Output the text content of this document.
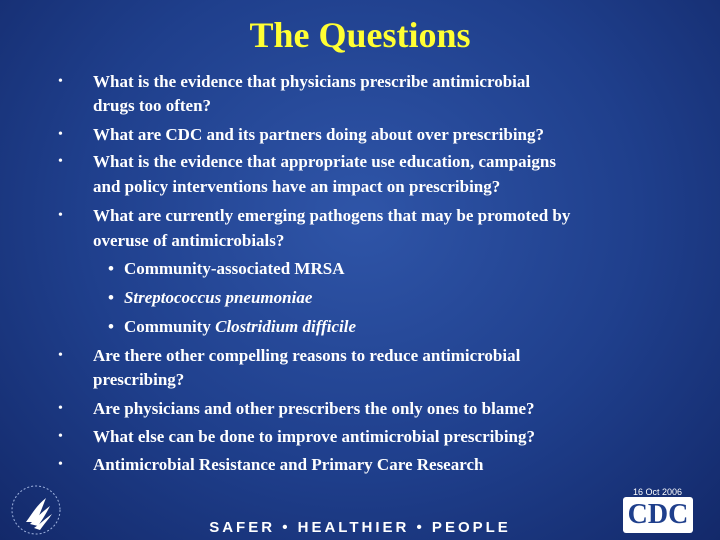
The Questions
•
•
•
•
•
•
•
•
What is the evidence that physicians prescribe antimicrobial
drugs too often?
What are CDC and its partners doing about over prescribing?
What is the evidence that appropriate use education, campaigns
and policy interventions have an impact on prescribing?
What are currently emerging pathogens that may be promoted by
overuse of antimicrobials?
• Community-associated MRSA
• Streptococcus pneumoniae
• Community Clostridium difficile
Are there other compelling reasons to reduce antimicrobial
prescribing?
Are physicians and other prescribers the only ones to blame?
What else can be done to improve antimicrobial prescribing?
Antimicrobial Resistance and Primary Care Research
16 Oct 2006
SAFER • HEALTHIER • PEOPLE	CDC
